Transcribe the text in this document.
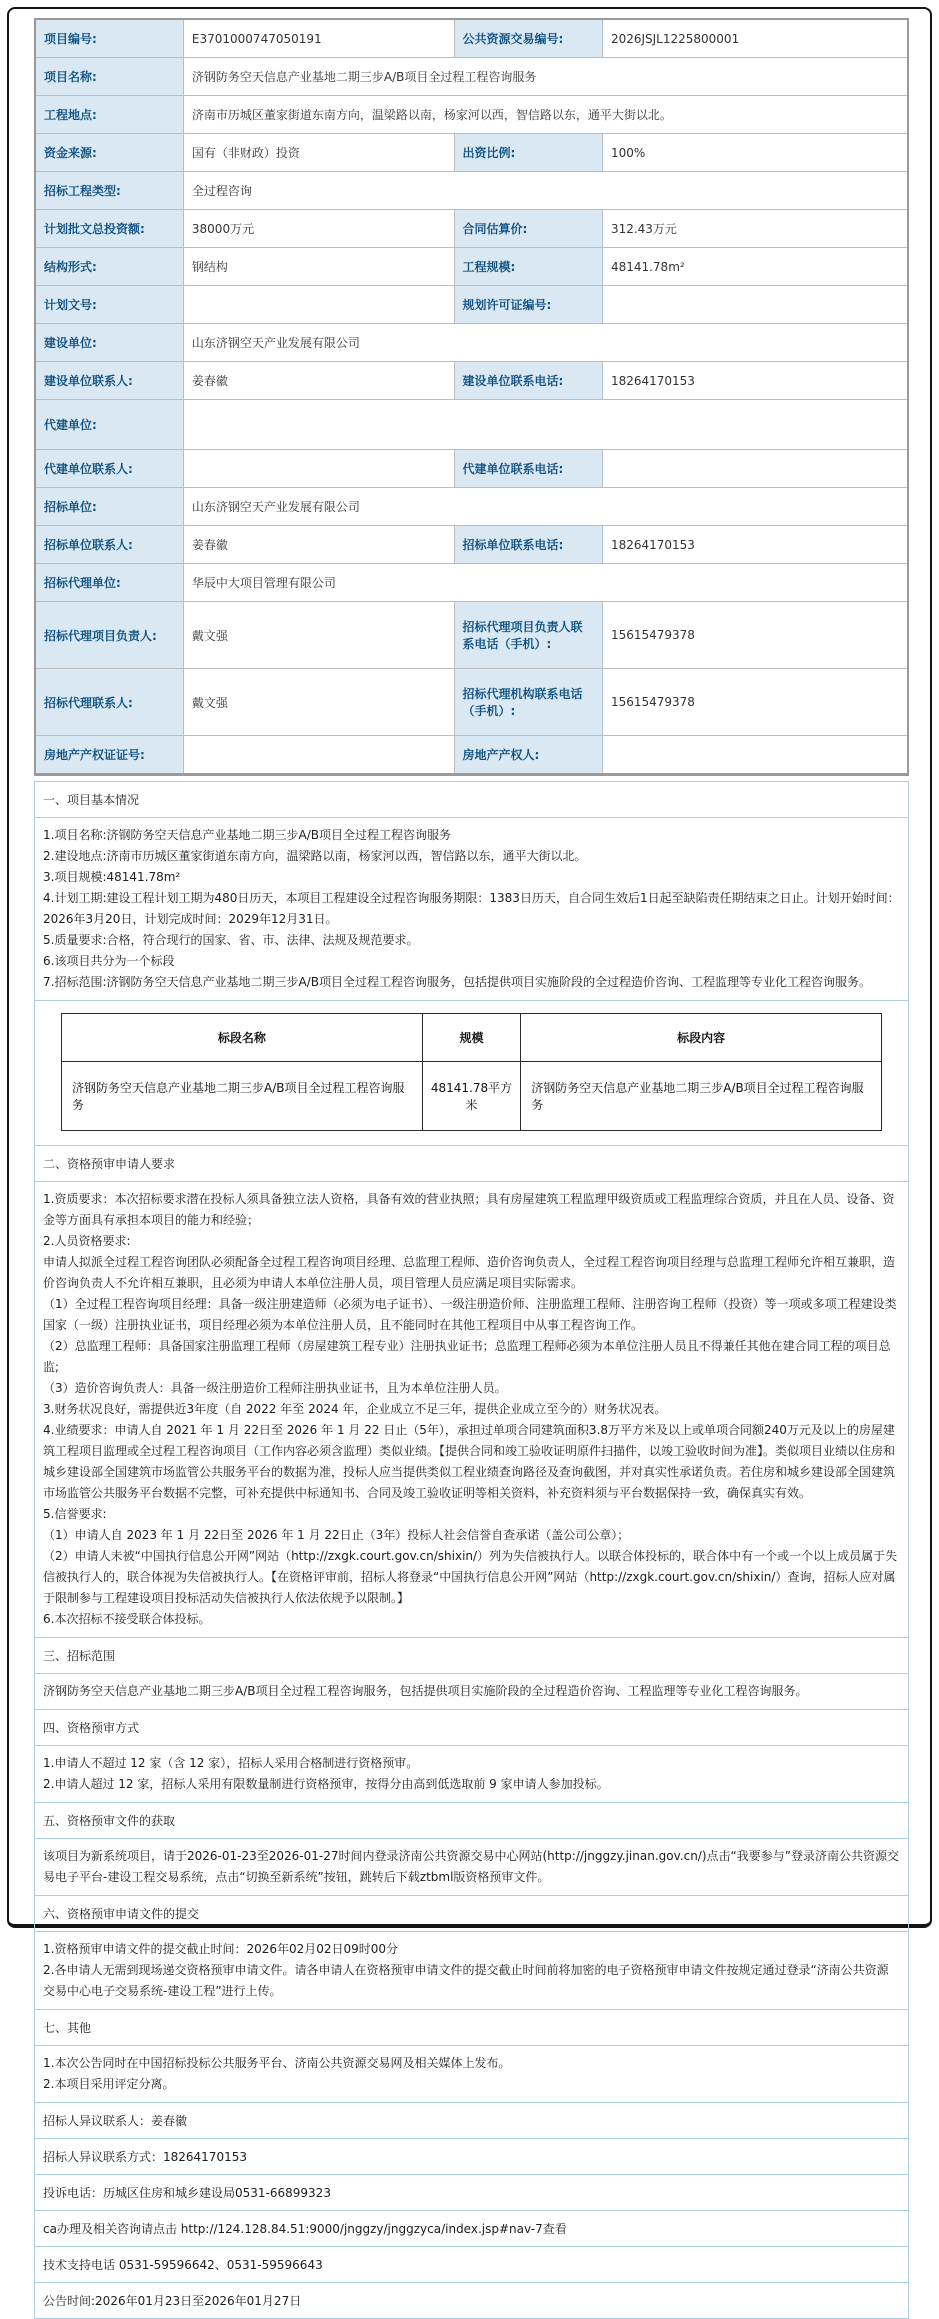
项目编号:	E3701000747050191	公共资源交易编号:	2026JSJL1225800001
项目名称:	济钢防务空天信息产业基地二期三步A/B项目全过程工程咨询服务		
工程地点:	济南市历城区董家街道东南方向，温梁路以南，杨家河以西，智信路以东，通平大街以北。		
资金来源:	国有（非财政）投资	出资比例:	100%
招标工程类型:	全过程咨询		
计划批文总投资额:	38000万元	合同估算价:	312.43万元
结构形式:	钢结构	工程规模:	48141.78m²
计划文号:		规划许可证编号:	
建设单位:	山东济钢空天产业发展有限公司		
建设单位联系人:	姜春徽	建设单位联系电话:	18264170153
代建单位:			
代建单位联系人:		代建单位联系电话:	
招标单位:	山东济钢空天产业发展有限公司		
招标单位联系人:	姜春徽	招标单位联系电话:	18264170153
招标代理单位:	华辰中大项目管理有限公司		
招标代理项目负责人:	戴文强	招标代理项目负责人联系电话（手机）:	15615479378
招标代理联系人:	戴文强	招标代理机构联系电话（手机）:	15615479378
房地产产权证证号:		房地产产权人:	
一、项目基本情况
1.项目名称:济钢防务空天信息产业基地二期三步A/B项目全过程工程咨询服务
2.建设地点:济南市历城区董家街道东南方向，温梁路以南，杨家河以西，智信路以东，通平大街以北。
3.项目规模:48141.78m²
4.计划工期:建设工程计划工期为480日历天，本项目工程建设全过程咨询服务期限：1383日历天，自合同生效后1日起至缺陷责任期结束之日止。计划开始时间：2026年3月20日，计划完成时间：2029年12月31日。
5.质量要求:合格，符合现行的国家、省、市、法律、法规及规范要求。
6.该项目共分为一个标段
7.招标范围:济钢防务空天信息产业基地二期三步A/B项目全过程工程咨询服务，包括提供项目实施阶段的全过程造价咨询、工程监理等专业化工程咨询服务。
标段名称	规模	标段内容
济钢防务空天信息产业基地二期三步A/B项目全过程工程咨询服务	48141.78平方米	济钢防务空天信息产业基地二期三步A/B项目全过程工程咨询服务
二、资格预审申请人要求
1.资质要求：本次招标要求潜在投标人须具备独立法人资格，具备有效的营业执照；具有房屋建筑工程监理甲级资质或工程监理综合资质，并且在人员、设备、资金等方面具有承担本项目的能力和经验；
2.人员资格要求:
申请人拟派全过程工程咨询团队必须配备全过程工程咨询项目经理、总监理工程师、造价咨询负责人，全过程工程咨询项目经理与总监理工程师允许相互兼职，造价咨询负责人不允许相互兼职，且必须为申请人本单位注册人员，项目管理人员应满足项目实际需求。
（1）全过程工程咨询项目经理：具备一级注册建造师（必须为电子证书）、一级注册造价师、注册监理工程师、注册咨询工程师（投资）等一项或多项工程建设类国家（一级）注册执业证书，项目经理必须为本单位注册人员，且不能同时在其他工程项目中从事工程咨询工作。
（2）总监理工程师：具备国家注册监理工程师（房屋建筑工程专业）注册执业证书；总监理工程师必须为本单位注册人员且不得兼任其他在建合同工程的项目总监;
（3）造价咨询负责人：具备一级注册造价工程师注册执业证书，且为本单位注册人员。
3.财务状况良好，需提供近3年度（自 2022 年至 2024 年，企业成立不足三年，提供企业成立至今的）财务状况表。
4.业绩要求：申请人自 2021 年 1 月 22日至 2026 年 1 月 22 日止（5年），承担过单项合同建筑面积3.8万平方米及以上或单项合同额240万元及以上的房屋建筑工程项目监理或全过程工程咨询项目（工作内容必须含监理）类似业绩。【提供合同和竣工验收证明原件扫描件，以竣工验收时间为准】。类似项目业绩以住房和城乡建设部全国建筑市场监管公共服务平台的数据为准，投标人应当提供类似工程业绩查询路径及查询截图，并对真实性承诺负责。若住房和城乡建设部全国建筑市场监管公共服务平台数据不完整，可补充提供中标通知书、合同及竣工验收证明等相关资料，补充资料须与平台数据保持一致，确保真实有效。
5.信誉要求:
（1）申请人自 2023 年 1 月 22日至 2026 年 1 月 22日止（3年）投标人社会信誉自查承诺（盖公司公章）；
（2）申请人未被“中国执行信息公开网”网站（http://zxgk.court.gov.cn/shixin/）列为失信被执行人。以联合体投标的，联合体中有一个或一个以上成员属于失信被执行人的，联合体视为失信被执行人。【在资格评审前，招标人将登录“中国执行信息公开网”网站（http://zxgk.court.gov.cn/shixin/）查询，招标人应对属于限制参与工程建设项目投标活动失信被执行人依法依规予以限制。】
6.本次招标不接受联合体投标。
三、招标范围
济钢防务空天信息产业基地二期三步A/B项目全过程工程咨询服务，包括提供项目实施阶段的全过程造价咨询、工程监理等专业化工程咨询服务。
四、资格预审方式
1.申请人不超过 12 家（含 12 家），招标人采用合格制进行资格预审。
2.申请人超过 12 家，招标人采用有限数量制进行资格预审，按得分由高到低选取前 9 家申请人参加投标。
五、资格预审文件的获取
该项目为新系统项目，请于2026-01-23至2026-01-27时间内登录济南公共资源交易中心网站(http://jnggzy.jinan.gov.cn/)点击“我要参与”登录济南公共资源交易电子平台-建设工程交易系统，点击“切换至新系统”按钮，跳转后下载ztbml版资格预审文件。
六、资格预审申请文件的提交
1.资格预审申请文件的提交截止时间：2026年02月02日09时00分
2.各申请人无需到现场递交资格预审申请文件。请各申请人在资格预审申请文件的提交截止时间前将加密的电子资格预审申请文件按规定通过登录“济南公共资源交易中心电子交易系统-建设工程”进行上传。
七、其他
1.本次公告同时在中国招标投标公共服务平台、济南公共资源交易网及相关媒体上发布。
2.本项目采用评定分离。
招标人异议联系人：姜春徽
招标人异议联系方式：18264170153
投诉电话：历城区住房和城乡建设局0531-66899323
ca办理及相关咨询请点击 http://124.128.84.51:9000/jnggzy/jnggzyca/index.jsp#nav-7查看
技术支持电话 0531-59596642、0531-59596643
公告时间:2026年01月23日至2026年01月27日
